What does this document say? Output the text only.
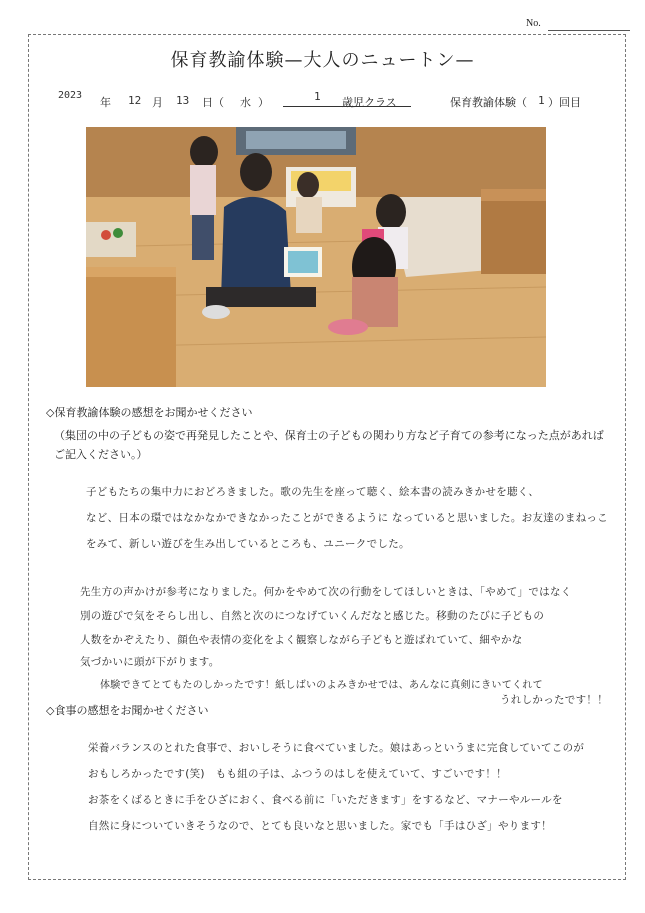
No.
保育教諭体験—大人のニュートン—
2023
年 12 月 13 日（ 水 ）	1 歳児クラス	保育教諭体験（ 1 ）回目
◇保育教諭体験の感想をお聞かせください
（集団の中の子どもの姿で再発見したことや、保育士の子どもの関わり方など子育ての参考になった点があればご記入ください。）
子どもたちの集中力におどろきました。歌の先生を座って聴く、絵本書の読みきかせを聴く、
など、日本の環ではなかなかできなかったことができるように なっていると思いました。お友達のまねっこ
をみて、新しい遊びを生み出しているところも、ユニークでした。
先生方の声かけが参考になりました。何かをやめて次の行動をしてほしいときは、「やめて」ではなく
別の遊びで気をそらし出し、自然と次のにつなげていくんだなと感じた。移動のたびに子どもの
人数をかぞえたり、顔色や表情の変化をよく観察しながら子どもと遊ばれていて、細やかな
気づかいに頭が下がります。
体験できてとてもたのしかったです！紙しばいのよみきかせでは、あんなに真剣にきいてくれて
うれしかったです！！
◇食事の感想をお聞かせください
栄養バランスのとれた食事で、おいしそうに食べていました。娘はあっというまに完食していてこのが
おもしろかったです(笑)　もも組の子は、ふつうのはしを使えていて、すごいです！！
お茶をくばるときに手をひざにおく、食べる前に「いただきます」をするなど、マナーやルールを
自然に身についていきそうなので、とても良いなと思いました。家でも「手はひざ」やります！
